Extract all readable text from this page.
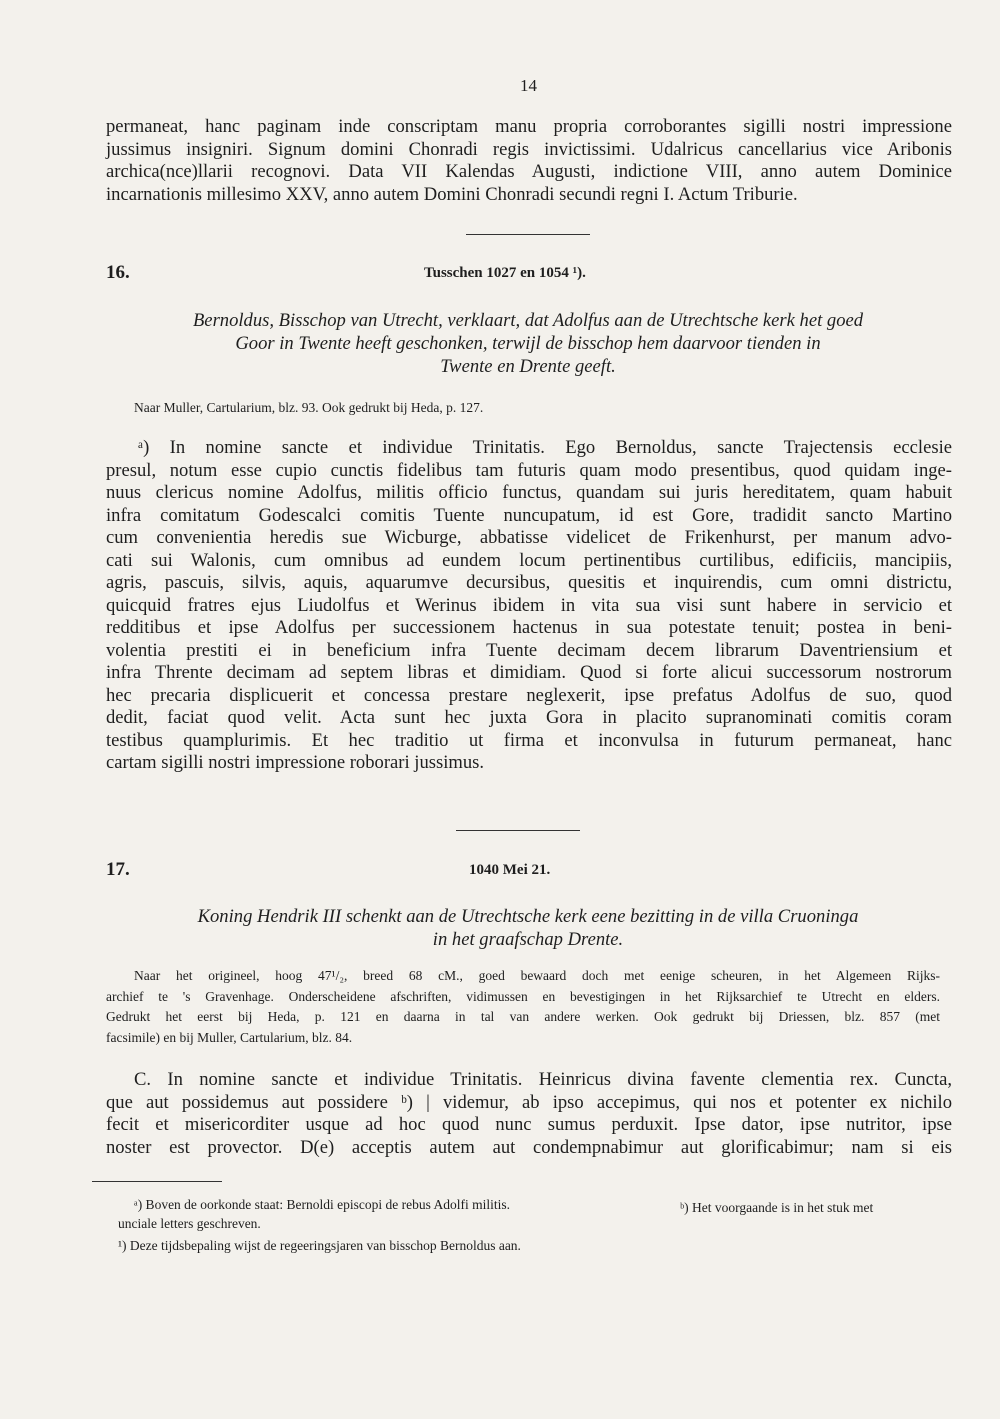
14
permaneat, hanc paginam inde conscriptam manu propria corroborantes sigilli nostri impressione
jussimus insigniri. Signum domini Chonradi regis invictissimi. Udalricus cancellarius vice Aribonis
archica(nce)llarii recognovi. Data VII Kalendas Augusti, indictione VIII, anno autem Dominice
incarnationis millesimo XXV, anno autem Domini Chonradi secundi regni I. Actum Triburie.
16.	Tusschen 1027 en 1054 ¹).
Bernoldus, Bisschop van Utrecht, verklaart, dat Adolfus aan de Utrechtsche kerk het goed
Goor in Twente heeft geschonken, terwijl de bisschop hem daarvoor tienden in
Twente en Drente geeft.
Naar Muller, Cartularium, blz. 93. Ook gedrukt bij Heda, p. 127.
ᵃ) In nomine sancte et individue Trinitatis. Ego Bernoldus, sancte Trajectensis ecclesie
presul, notum esse cupio cunctis fidelibus tam futuris quam modo presentibus, quod quidam inge-
nuus clericus nomine Adolfus, militis officio functus, quandam sui juris hereditatem, quam habuit
infra comitatum Godescalci comitis Tuente nuncupatum, id est Gore, tradidit sancto Martino
cum convenientia heredis sue Wicburge, abbatisse videlicet de Frikenhurst, per manum advo-
cati sui Walonis, cum omnibus ad eundem locum pertinentibus curtilibus, edificiis, mancipiis,
agris, pascuis, silvis, aquis, aquarumve decursibus, quesitis et inquirendis, cum omni districtu,
quicquid fratres ejus Liudolfus et Werinus ibidem in vita sua visi sunt habere in servicio et
redditibus et ipse Adolfus per successionem hactenus in sua potestate tenuit; postea in beni-
volentia prestiti ei in beneficium infra Tuente decimam decem librarum Daventriensium et
infra Thrente decimam ad septem libras et dimidiam. Quod si forte alicui successorum nostrorum
hec precaria displicuerit et concessa prestare neglexerit, ipse prefatus Adolfus de suo, quod
dedit, faciat quod velit. Acta sunt hec juxta Gora in placito supranominati comitis coram
testibus quamplurimis. Et hec traditio ut firma et inconvulsa in futurum permaneat, hanc
cartam sigilli nostri impressione roborari jussimus.
17.	1040 Mei 21.
Koning Hendrik III schenkt aan de Utrechtsche kerk eene bezitting in de villa Cruoninga
in het graafschap Drente.
Naar het origineel, hoog 47¹/₂, breed 68 cM., goed bewaard doch met eenige scheuren, in het Algemeen Rijks-
archief te 's Gravenhage. Onderscheidene afschriften, vidimussen en bevestigingen in het Rijksarchief te Utrecht en elders.
Gedrukt het eerst bij Heda, p. 121 en daarna in tal van andere werken. Ook gedrukt bij Driessen, blz. 857 (met
facsimile) en bij Muller, Cartularium, blz. 84.
C. In nomine sancte et individue Trinitatis. Heinricus divina favente clementia rex. Cuncta,
que aut possidemus aut possidere ᵇ) | videmur, ab ipso accepimus, qui nos et potenter ex nichilo
fecit et misericorditer usque ad hoc quod nunc sumus perduxit. Ipse dator, ipse nutritor, ipse
noster est provector. D(e) acceptis autem aut condempnabimur aut glorificabimur; nam si eis
ᵃ) Boven de oorkonde staat: Bernoldi episcopi de rebus Adolfi militis.	ᵇ) Het voorgaande is in het stuk met
unciale letters geschreven.
¹) Deze tijdsbepaling wijst de regeeringsjaren van bisschop Bernoldus aan.
